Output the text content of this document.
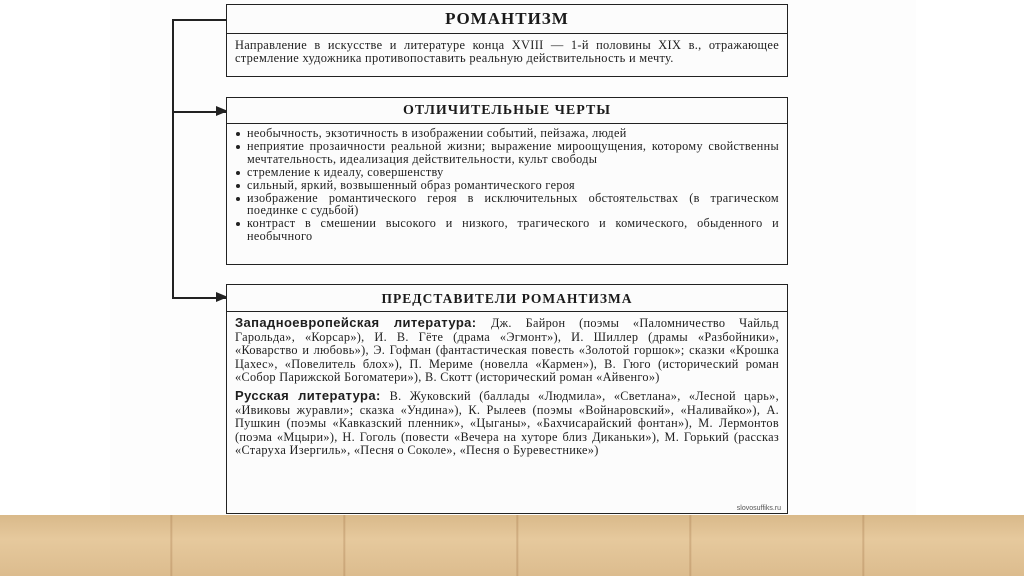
РОМАНТИЗМ
Направление в искусстве и литературе конца XVIII — 1-й половины XIX в., отражающее стремление художника противопоставить реальную действительность и мечту.
ОТЛИЧИТЕЛЬНЫЕ ЧЕРТЫ
необычность, экзотичность в изображении событий, пейзажа, людей
неприятие прозаичности реальной жизни; выражение мироощущения, которому свойственны мечтательность, идеализация действительности, культ свободы
стремление к идеалу, совершенству
сильный, яркий, возвышенный образ романтического героя
изображение романтического героя в исключительных обстоятельствах (в трагическом поединке с судьбой)
контраст в смешении высокого и низкого, трагического и комического, обыденного и необычного
ПРЕДСТАВИТЕЛИ РОМАНТИЗМА
Западноевропейская литература: Дж. Байрон (поэмы «Паломничество Чайльд Гарольда», «Корсар»), И. В. Гёте (драма «Эгмонт»), И. Шиллер (драмы «Разбойники», «Коварство и любовь»), Э. Гофман (фантастическая повесть «Золотой горшок»; сказки «Крошка Цахес», «Повелитель блох»), П. Мериме (новелла «Кармен»), В. Гюго (исторический роман «Собор Парижской Богоматери»), В. Скотт (исторический роман «Айвенго»)
Русская литература: В. Жуковский (баллады «Людмила», «Светлана», «Лесной царь», «Ивиковы журавли»; сказка «Ундина»), К. Рылеев (поэмы «Войнаровский», «Наливайко»), А. Пушкин (поэмы «Кавказский пленник», «Цыганы», «Бахчисарайский фонтан»), М. Лермонтов (поэма «Мцыри»), Н. Гоголь (повести «Вечера на хуторе близ Диканьки»), М. Горький (рассказ «Старуха Изергиль», «Песня о Соколе», «Песня о Буревестнике»)
slovosuffiks.ru
